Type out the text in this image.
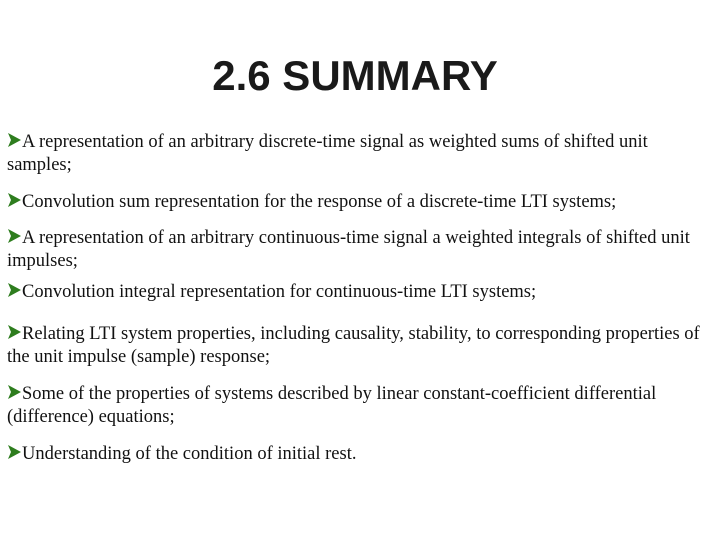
2.6 SUMMARY
A representation of an arbitrary discrete-time signal as weighted sums of shifted unit samples;
Convolution sum representation for the response of a discrete-time LTI systems;
A representation of an arbitrary continuous-time signal a weighted integrals of shifted unit impulses;
Convolution integral representation for continuous-time LTI systems;
Relating LTI system properties, including causality, stability, to corresponding properties of the unit impulse (sample) response;
Some of the properties of systems described by linear constant-coefficient differential (difference) equations;
Understanding of the condition of initial rest.
